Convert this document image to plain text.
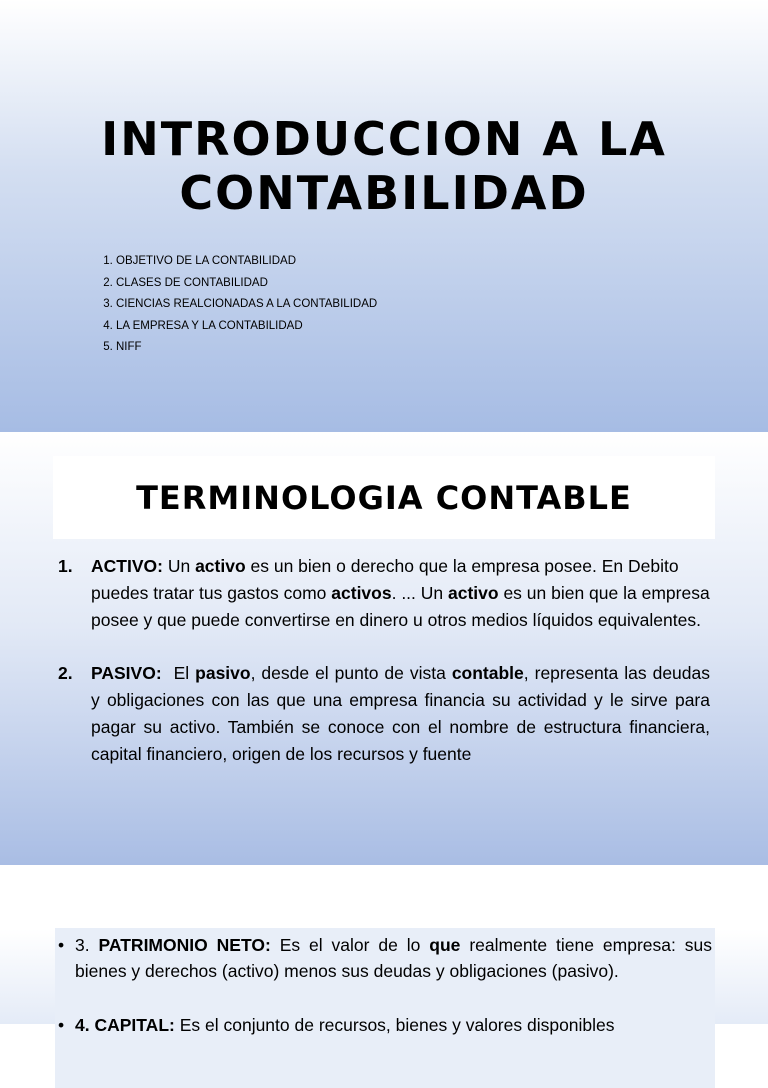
INTRODUCCION A LA
CONTABILIDAD
1. OBJETIVO DE LA CONTABILIDAD
2. CLASES DE CONTABILIDAD
3. CIENCIAS REALCIONADAS A LA CONTABILIDAD
4. LA EMPRESA Y LA CONTABILIDAD
5. NIFF
TERMINOLOGIA CONTABLE
1.	ACTIVO: Un activo es un bien o derecho que la empresa posee. En Debito puedes tratar tus gastos como activos. ... Un activo es un bien que la empresa posee y que puede convertirse en dinero u otros medios líquidos equivalentes.
2.	PASIVO:  El pasivo, desde el punto de vista contable, representa las deudas y obligaciones con las que una empresa financia su actividad y le sirve para pagar su activo. También se conoce con el nombre de estructura financiera, capital financiero, origen de los recursos y fuente
• 3. PATRIMONIO NETO: Es el valor de lo que realmente tiene empresa: sus bienes y derechos (activo) menos sus deudas y obligaciones (pasivo).
• 4. CAPITAL: Es el conjunto de recursos, bienes y valores disponibles
